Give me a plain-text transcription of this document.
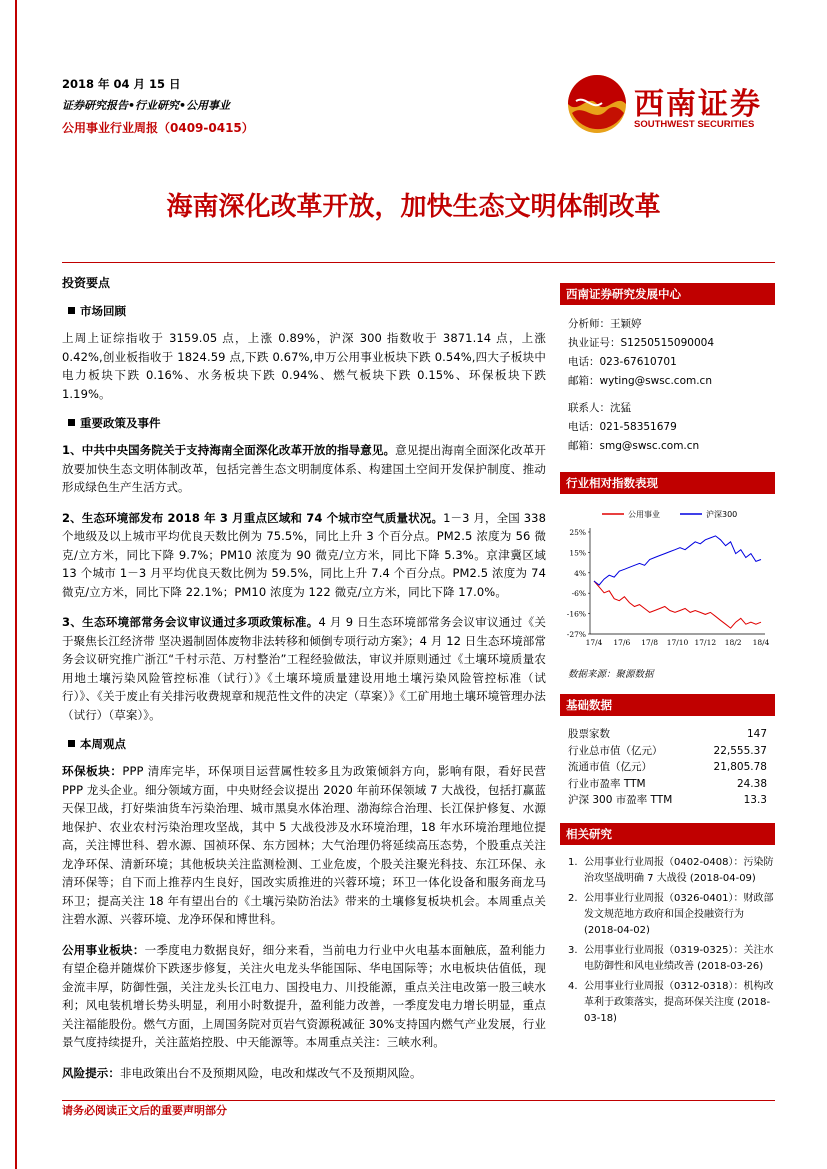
2018 年 04 月 15 日
证券研究报告•行业研究•公用事业
公用事业行业周报（0409-0415）
西南证券
SOUTHWEST SECURITIES
海南深化改革开放，加快生态文明体制改革
投资要点
市场回顾

上周上证综指收于 3159.05 点，上涨 0.89%，沪深 300 指数收于 3871.14 点，上涨 0.42%,创业板指收于 1824.59 点,下跌 0.67%,申万公用事业板块下跌 0.54%,四大子板块中电力板块下跌 0.16%、水务板块下跌 0.94%、燃气板块下跌 0.15%、环保板块下跌 1.19%。

重要政策及事件

1、中共中央国务院关于支持海南全面深化改革开放的指导意见。意见提出海南全面深化改革开放要加快生态文明体制改革，包括完善生态文明制度体系、构建国土空间开发保护制度、推动形成绿色生产生活方式。

2、生态环境部发布 2018 年 3 月重点区域和 74 个城市空气质量状况。1－3 月，全国 338 个地级及以上城市平均优良天数比例为 75.5%，同比上升 3 个百分点。PM2.5 浓度为 56 微克/立方米，同比下降 9.7%；PM10 浓度为 90 微克/立方米，同比下降 5.3%。京津冀区域 13 个城市 1－3 月平均优良天数比例为 59.5%，同比上升 7.4 个百分点。PM2.5 浓度为 74 微克/立方米，同比下降 22.1%；PM10 浓度为 122 微克/立方米，同比下降 17.0%。

3、生态环境部常务会议审议通过多项政策标准。4 月 9 日生态环境部常务会议审议通过《关于聚焦长江经济带 坚决遏制固体废物非法转移和倾倒专项行动方案》；4 月 12 日生态环境部常务会议研究推广浙江“千村示范、万村整治”工程经验做法，审议并原则通过《土壤环境质量农用地土壤污染风险管控标准（试行）》《土壤环境质量建设用地土壤污染风险管控标准（试行）》、《关于废止有关排污收费规章和规范性文件的决定（草案）》《工矿用地土壤环境管理办法（试行）（草案）》。

本周观点

环保板块：PPP 清库完毕，环保项目运营属性较多且为政策倾斜方向，影响有限，看好民营 PPP 龙头企业。细分领域方面，中央财经会议提出 2020 年前环保领域 7 大战役，包括打赢蓝天保卫战，打好柴油货车污染治理、城市黑臭水体治理、渤海综合治理、长江保护修复、水源地保护、农业农村污染治理攻坚战，其中 5 大战役涉及水环境治理，18 年水环境治理地位提高，关注博世科、碧水源、国祯环保、东方园林；大气治理仍将延续高压态势，个股重点关注龙净环保、清新环境；其他板块关注监测检测、工业危废，个股关注聚光科技、东江环保、永清环保等；自下而上推荐内生良好，国改实质推进的兴蓉环境；环卫一体化设备和服务商龙马环卫；提高关注 18 年有望出台的《土壤污染防治法》带来的土壤修复板块机会。本周重点关注碧水源、兴蓉环境、龙净环保和博世科。

公用事业板块：一季度电力数据良好，细分来看，当前电力行业中火电基本面触底，盈利能力有望企稳并随煤价下跌逐步修复，关注火电龙头华能国际、华电国际等；水电板块估值低，现金流丰厚，防御性强，关注龙头长江电力、国投电力、川投能源，重点关注电改第一股三峡水利；风电装机增长势头明显，利用小时数提升，盈利能力改善，一季度发电力增长明显，重点关注福能股份。燃气方面，上周国务院对页岩气资源税减征 30%支持国内燃气产业发展，行业景气度持续提升，关注蓝焰控股、中天能源等。本周重点关注：三峡水利。

风险提示：非电政策出台不及预期风险，电改和煤改气不及预期风险。

西南证券研究发展中心
分析师：王颖婷
执业证号：S1250515090004
电话：023-67610701
邮箱：wyting@swsc.com.cn
联系人：沈猛
电话：021-58351679
邮箱：smg@swsc.com.cn
行业相对指数表现
公用事业	沪深300
25%
15%
4%
-6%
-16%
-27%
17/4 17/6 17/8 17/10 17/12 18/2 18/4
数据来源：聚源数据
基础数据
股票家数	147
行业总市值（亿元）	22,555.37
流通市值（亿元）	21,805.78
行业市盈率 TTM	24.38
沪深 300 市盈率 TTM	13.3
相关研究
1. 公用事业行业周报（0402-0408）：污染防治攻坚战明确 7 大战役 (2018-04-09)
2. 公用事业行业周报（0326-0401）：财政部发文规范地方政府和国企投融资行为 (2018-04-02)
3. 公用事业行业周报（0319-0325）：关注水电防御性和风电业绩改善 (2018-03-26)
4. 公用事业行业周报（0312-0318）：机构改革利于政策落实，提高环保关注度 (2018-03-18)
请务必阅读正文后的重要声明部分
